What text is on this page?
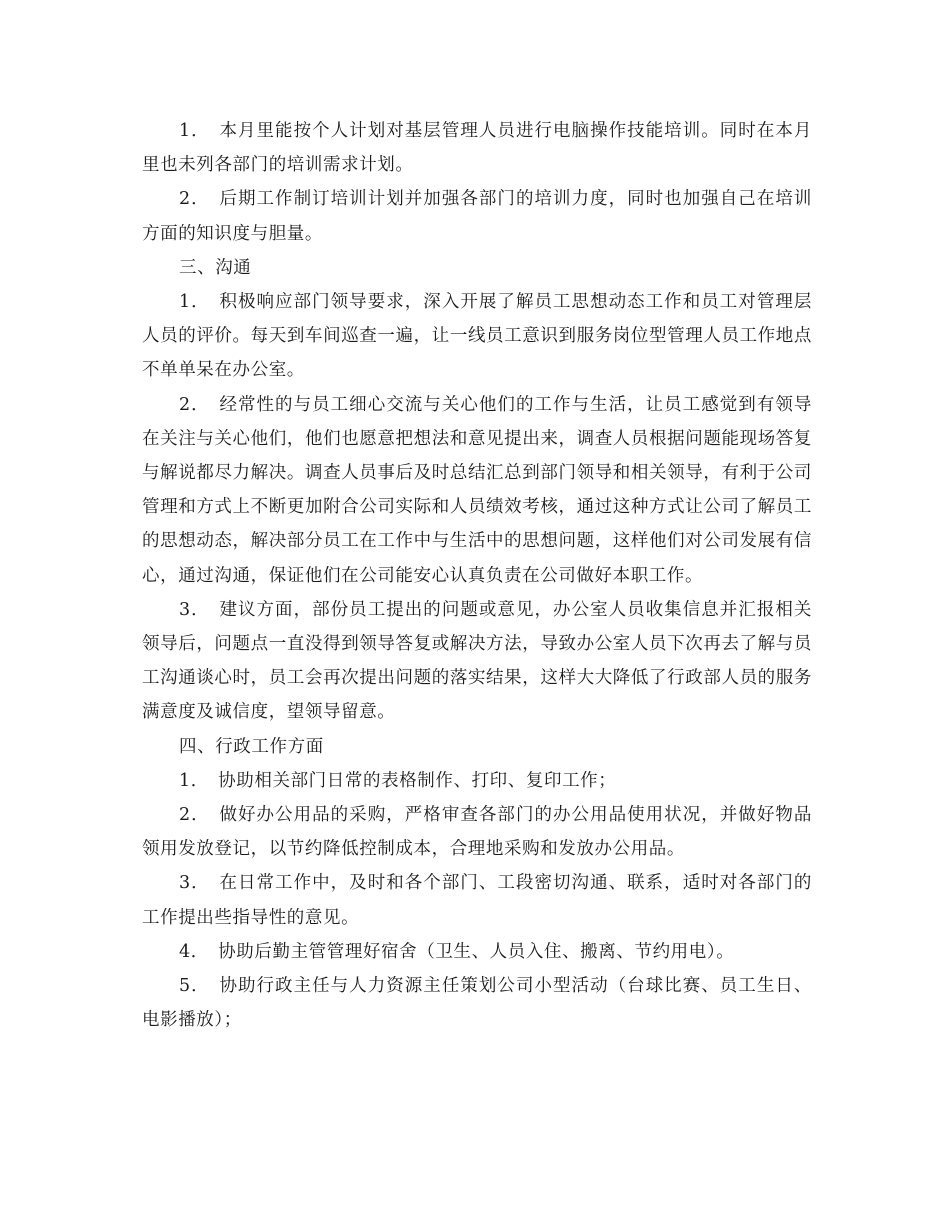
1．　本月里能按个人计划对基层管理人员进行电脑操作技能培训。同时在本月里也未列各部门的培训需求计划。

2．　后期工作制订培训计划并加强各部门的培训力度，同时也加强自己在培训方面的知识度与胆量。

三、沟通

1．　积极响应部门领导要求，深入开展了解员工思想动态工作和员工对管理层人员的评价。每天到车间巡查一遍，让一线员工意识到服务岗位型管理人员工作地点不单单呆在办公室。

2．　经常性的与员工细心交流与关心他们的工作与生活，让员工感觉到有领导在关注与关心他们，他们也愿意把想法和意见提出来，调查人员根据问题能现场答复与解说都尽力解决。调查人员事后及时总结汇总到部门领导和相关领导，有利于公司管理和方式上不断更加附合公司实际和人员绩效考核，通过这种方式让公司了解员工的思想动态，解决部分员工在工作中与生活中的思想问题，这样他们对公司发展有信心，通过沟通，保证他们在公司能安心认真负责在公司做好本职工作。

3．　建议方面，部份员工提出的问题或意见，办公室人员收集信息并汇报相关领导后，问题点一直没得到领导答复或解决方法，导致办公室人员下次再去了解与员工沟通谈心时，员工会再次提出问题的落实结果，这样大大降低了行政部人员的服务满意度及诚信度，望领导留意。

四、行政工作方面

1．　协助相关部门日常的表格制作、打印、复印工作；

2．　做好办公用品的采购，严格审查各部门的办公用品使用状况，并做好物品领用发放登记，以节约降低控制成本，合理地采购和发放办公用品。

3．　在日常工作中，及时和各个部门、工段密切沟通、联系，适时对各部门的工作提出些指导性的意见。

4．　协助后勤主管管理好宿舍（卫生、人员入住、搬离、节约用电）。

5．　协助行政主任与人力资源主任策划公司小型活动（台球比赛、员工生日、电影播放）；
